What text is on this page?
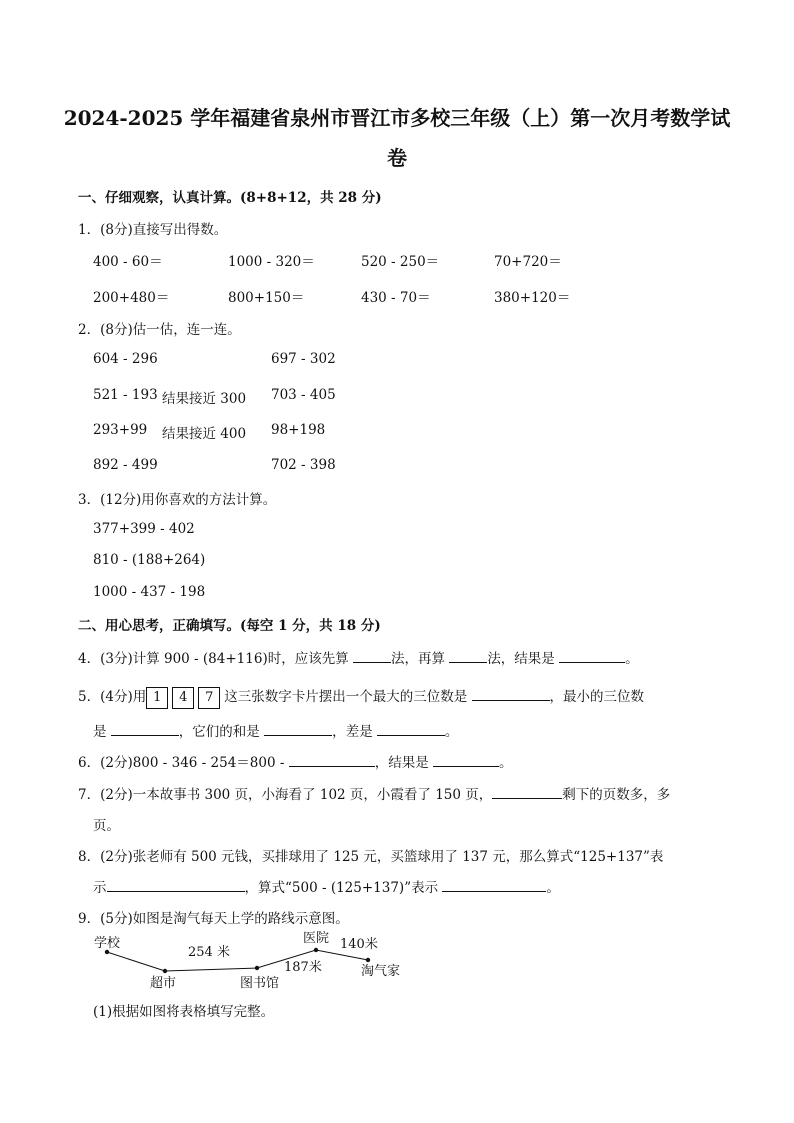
2024-2025 学年福建省泉州市晋江市多校三年级（上）第一次月考数学试
卷
一、仔细观察，认真计算。(8+8+12，共 28 分)
1．(8分)直接写出得数。
400 - 60＝	1000 - 320＝	520 - 250＝	70+720＝
200+480＝	800+150＝	430 - 70＝	380+120＝
2．(8分)估一估，连一连。
604 - 296
521 - 193
293+99
892 - 499
结果接近 300
结果接近 400
697 - 302
703 - 405
98+198
702 - 398
3．(12分)用你喜欢的方法计算。
377+399 - 402
810 - (188+264)
1000 - 437 - 198
二、用心思考，正确填写。(每空 1 分，共 18 分)
4．(3分)计算 900 - (84+116)时，应该先算	法，再算	法，结果是	。
5．(4分)用 1 4 7 这三张数字卡片摆出一个最大的三位数是	，最小的三位数
是	，它们的和是	，差是	。
6．(2分)800 - 346 - 254＝800 -	，结果是	。
7．(2分)一本故事书 300 页，小海看了 102 页，小霞看了 150 页，	剩下的页数多，多
页。
8．(2分)张老师有 500 元钱，买排球用了 125 元，买篮球用了 137 元，那么算式“125+137”表
示	，算式“500 - (125+137)”表示	。
9．(5分)如图是淘气每天上学的路线示意图。
学校
超市	图书馆
医院
淘气家
254 米
187米
140米
(1)根据如图将表格填写完整。
